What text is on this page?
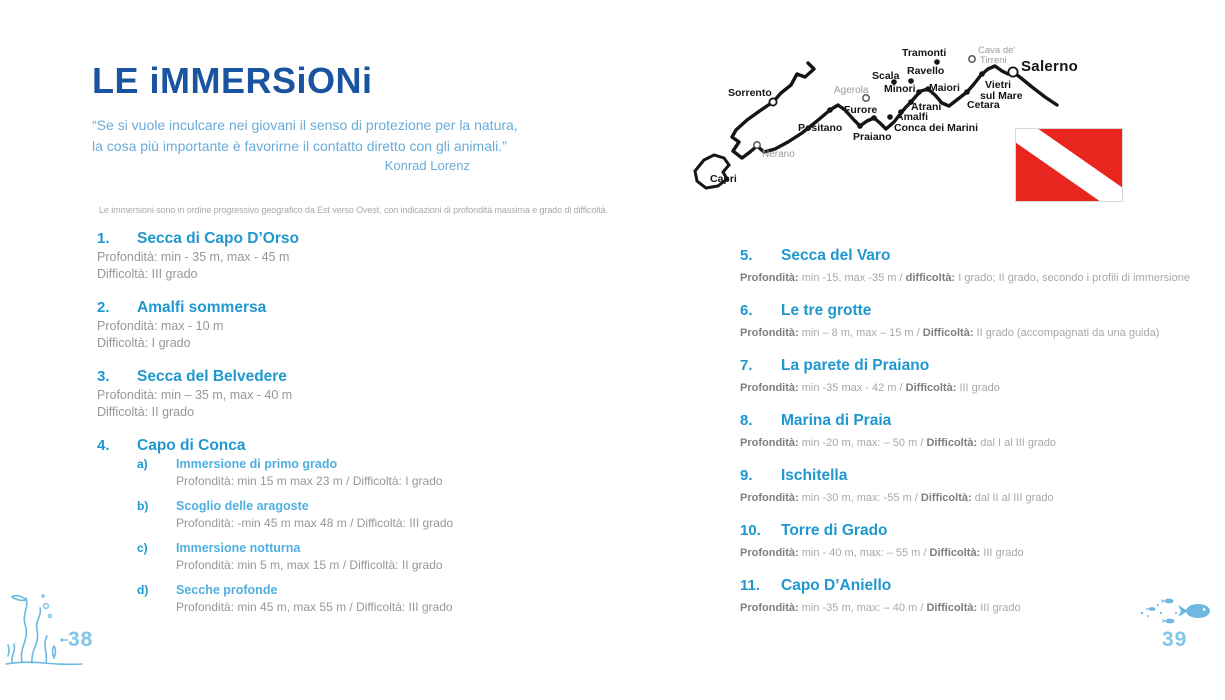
LE iMMERSiONi
“Se si vuole inculcare nei giovani il senso di protezione per la natura,
la cosa più importante è favorirne il contatto diretto con gli animali.”
Konrad Lorenz
Le immersioni sono in ordine progressivo geografico da Est verso Ovest, con indicazioni di profondità massima e grado di difficoltà.
1.	Secca di Capo D’Orso
Profondità: min - 35 m, max - 45 m
Difficoltà: III grado
2.	Amalfi sommersa
Profondità: max - 10 m
Difficoltà: I grado
3.	Secca del Belvedere
Profondità: min – 35 m, max - 40 m
Difficoltà: II grado
4.	Capo di Conca
a)	Immersione di primo grado
Profondità: min 15 m max 23 m / Difficoltà: I grado
b)	Scoglio delle aragoste
Profondità: -min 45 m max 48 m / Difficoltà: III grado
c)	Immersione notturna
Profondità: min 5 m, max 15 m / Difficoltà: II grado
d)	Secche profonde
Profondità: min 45 m, max 55 m / Difficoltà: III grado
5.	Secca del Varo
Profondità: min -15, max -35 m / difficoltà: I grado; II grado, secondo i profili di immersione
6.	Le tre grotte
Profondità: min – 8 m, max – 15 m / Difficoltà: II grado (accompagnati da una guida)
7.	La parete di Praiano
Profondità: min -35 max - 42 m / Difficoltà: III grado
8.	Marina di Praia
Profondità: min -20 m, max: – 50 m / Difficoltà: dal I al III grado
9.	Ischitella
Profondità: min -30 m, max: -55 m / Difficoltà: dal II al III grado
10.	Torre di Grado
Profondità: min - 40 m, max: – 55 m / Difficoltà: III grado
11.	Capo D’Aniello
Profondità: min -35 m, max: – 40 m / Difficoltà: III grado
Sorrento
Nerano
Capri
Positano
Agerola
Furore
Praiano
Conca dei Marini
Amalfi
Atrani
Minori
Scala Ravello
Tramonti
Maiori
Cetara
Vietri
sul Mare
Cava de'
Tirreni Salerno
38	39
